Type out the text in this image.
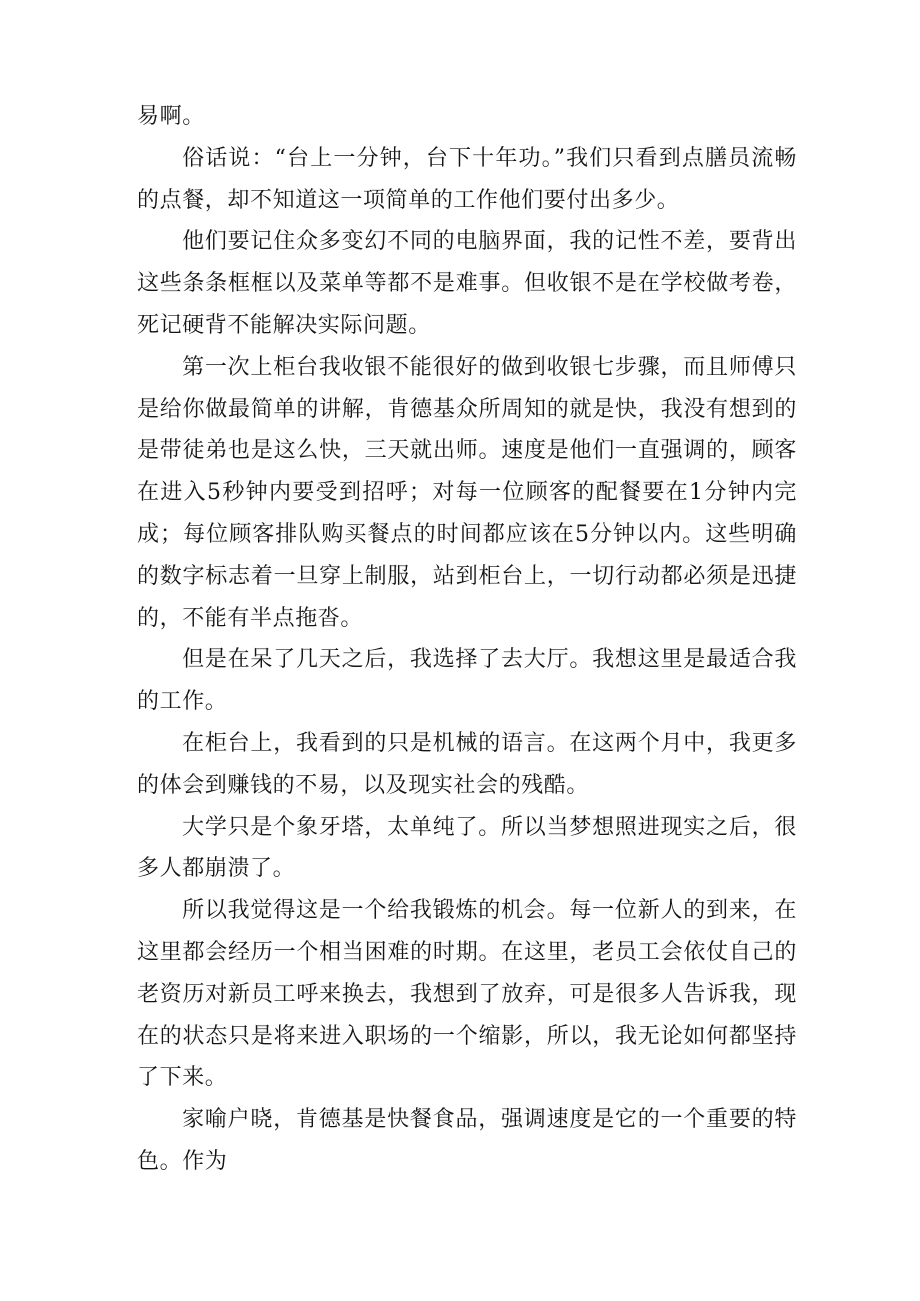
易啊。

俗话说：“台上一分钟，台下十年功。”我们只看到点膳员流畅的点餐，却不知道这一项简单的工作他们要付出多少。

他们要记住众多变幻不同的电脑界面，我的记性不差，要背出这些条条框框以及菜单等都不是难事。但收银不是在学校做考卷，死记硬背不能解决实际问题。

第一次上柜台我收银不能很好的做到收银七步骤，而且师傅只是给你做最简单的讲解，肯德基众所周知的就是快，我没有想到的是带徒弟也是这么快，三天就出师。速度是他们一直强调的，顾客在进入5秒钟内要受到招呼；对每一位顾客的配餐要在1分钟内完成；每位顾客排队购买餐点的时间都应该在5分钟以内。这些明确的数字标志着一旦穿上制服，站到柜台上，一切行动都必须是迅捷的，不能有半点拖沓。

但是在呆了几天之后，我选择了去大厅。我想这里是最适合我的工作。

在柜台上，我看到的只是机械的语言。在这两个月中，我更多的体会到赚钱的不易，以及现实社会的残酷。

大学只是个象牙塔，太单纯了。所以当梦想照进现实之后，很多人都崩溃了。

所以我觉得这是一个给我锻炼的机会。每一位新人的到来，在这里都会经历一个相当困难的时期。在这里，老员工会依仗自己的老资历对新员工呼来换去，我想到了放弃，可是很多人告诉我，现在的状态只是将来进入职场的一个缩影，所以，我无论如何都坚持了下来。

家喻户晓，肯德基是快餐食品，强调速度是它的一个重要的特色。作为
